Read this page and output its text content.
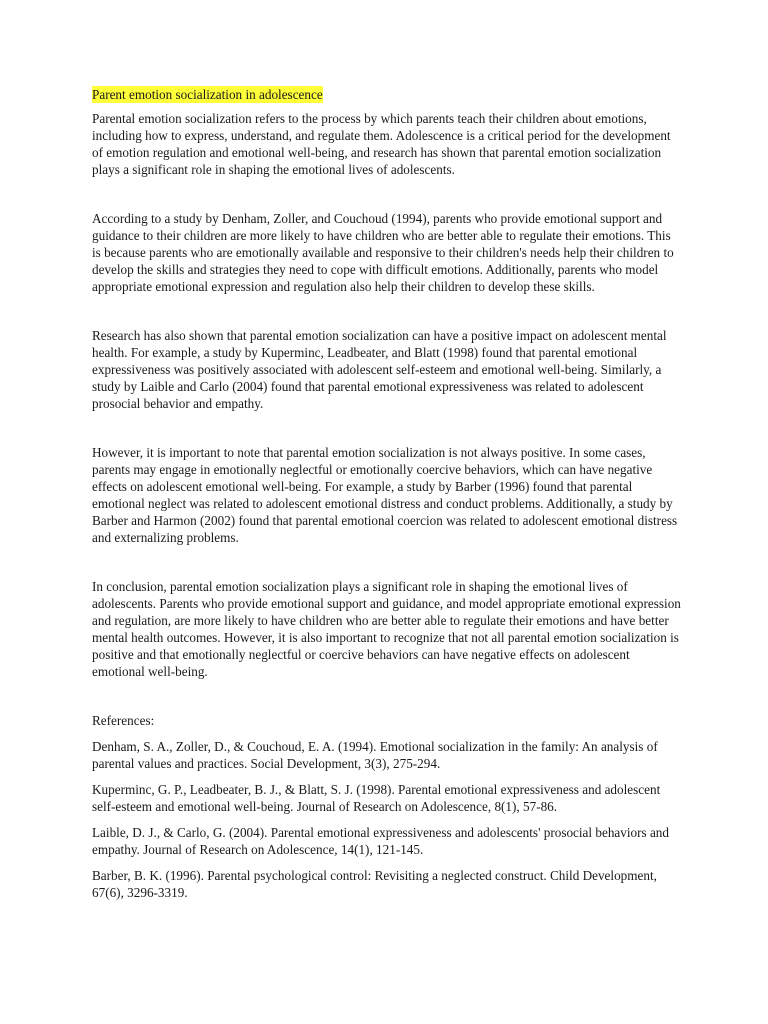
Parent emotion socialization in adolescence

Parental emotion socialization refers to the process by which parents teach their children about emotions, including how to express, understand, and regulate them. Adolescence is a critical period for the development of emotion regulation and emotional well-being, and research has shown that parental emotion socialization plays a significant role in shaping the emotional lives of adolescents.

According to a study by Denham, Zoller, and Couchoud (1994), parents who provide emotional support and guidance to their children are more likely to have children who are better able to regulate their emotions. This is because parents who are emotionally available and responsive to their children's needs help their children to develop the skills and strategies they need to cope with difficult emotions. Additionally, parents who model appropriate emotional expression and regulation also help their children to develop these skills.

Research has also shown that parental emotion socialization can have a positive impact on adolescent mental health. For example, a study by Kuperminc, Leadbeater, and Blatt (1998) found that parental emotional expressiveness was positively associated with adolescent self-esteem and emotional well-being. Similarly, a study by Laible and Carlo (2004) found that parental emotional expressiveness was related to adolescent prosocial behavior and empathy.

However, it is important to note that parental emotion socialization is not always positive. In some cases, parents may engage in emotionally neglectful or emotionally coercive behaviors, which can have negative effects on adolescent emotional well-being. For example, a study by Barber (1996) found that parental emotional neglect was related to adolescent emotional distress and conduct problems. Additionally, a study by Barber and Harmon (2002) found that parental emotional coercion was related to adolescent emotional distress and externalizing problems.

In conclusion, parental emotion socialization plays a significant role in shaping the emotional lives of adolescents. Parents who provide emotional support and guidance, and model appropriate emotional expression and regulation, are more likely to have children who are better able to regulate their emotions and have better mental health outcomes. However, it is also important to recognize that not all parental emotion socialization is positive and that emotionally neglectful or coercive behaviors can have negative effects on adolescent emotional well-being.

References:

Denham, S. A., Zoller, D., & Couchoud, E. A. (1994). Emotional socialization in the family: An analysis of parental values and practices. Social Development, 3(3), 275-294.

Kuperminc, G. P., Leadbeater, B. J., & Blatt, S. J. (1998). Parental emotional expressiveness and adolescent self-esteem and emotional well-being. Journal of Research on Adolescence, 8(1), 57-86.

Laible, D. J., & Carlo, G. (2004). Parental emotional expressiveness and adolescents' prosocial behaviors and empathy. Journal of Research on Adolescence, 14(1), 121-145.

Barber, B. K. (1996). Parental psychological control: Revisiting a neglected construct. Child Development, 67(6), 3296-3319.
